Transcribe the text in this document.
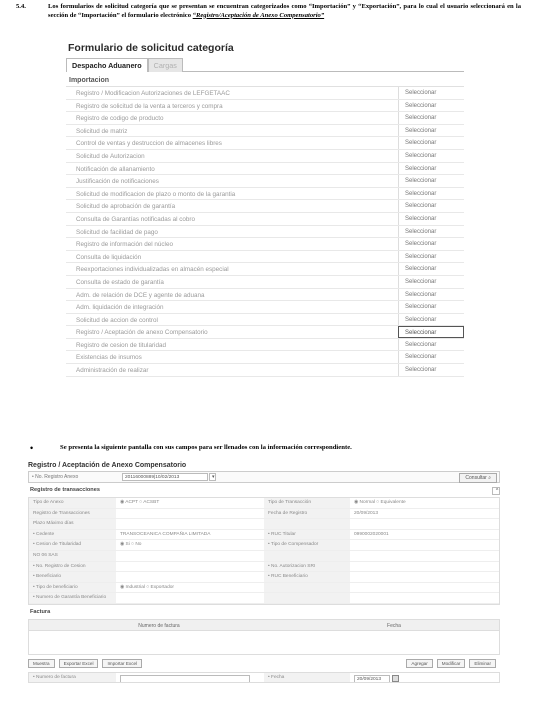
5.4.	Los formularios de solicitud categoría que se presentan se encuentran categorizados como “Importación” y “Exportación”, para lo cual el usuario seleccionará en la sección de “Importación” el formulario electrónico “Registro/Aceptación de Anexo Compensatorio”
Formulario de solicitud categoría
Despacho Aduanero	Cargas
Importacion
Registro / Modificacion Autorizaciones de LEFGETAAC	Seleccionar
Registro de solicitud de la venta a terceros y compra	Seleccionar
Registro de codigo de producto	Seleccionar
Solicitud de matriz	Seleccionar
Control de ventas y destruccion de almacenes libres	Seleccionar
Solicitud de Autorizacion	Seleccionar
Notificación de allanamiento	Seleccionar
Justificación de notificaciones	Seleccionar
Solicitud de modificacion de plazo o monto de la garantia	Seleccionar
Solicitud de aprobación de garantía	Seleccionar
Consulta de Garantías notificadas al cobro	Seleccionar
Solicitud de facilidad de pago	Seleccionar
Registro de información del núcleo	Seleccionar
Consulta de liquidación	Seleccionar
Reexportaciones individualizadas en almacén especial	Seleccionar
Consulta de estado de garantía	Seleccionar
Adm. de relación de DCE y agente de aduana	Seleccionar
Adm. liquidación de integración	Seleccionar
Solicitud de accion de control	Seleccionar
Registro / Aceptación de anexo Compensatorio	Seleccionar
Registro de cesion de titularidad	Seleccionar
Existencias de insumos	Seleccionar
Administración de realizar	Seleccionar
•	Se presenta la siguiente pantalla con sus campos para ser llenados con la información correspondiente.
Registro / Aceptación de Anexo Compensatorio
• No. Registro Anexo	20116000889|10/02/2013	▾	Consultar ⌕
Registro de transacciones	⌃
Tipo de Anexo	◉ ACPT ○ ACSBT	Tipo de Transacción	◉ Normal ○ Equivalente
Registro de Transacciones	Fecha de Registro	20/09/2013
Plazo Máximo días
• Cedente	TRANSOCEANICA COMPAÑIA LIMITADA	• RUC Titular	0990002020001
• Cesion de Titularidad	◉ Si ○ No	• Tipo de Compensador
NO 06 SAS
• No. Registro de Cesion	• No. Autorizacion SRI
• Beneficiario	• RUC Beneficiario
• Tipo de beneficiario	◉ Industrial ○ Exportador
• Numero de Garantía Beneficiario
Factura
Numero de factura	Fecha
Muestra	Exportar Excel	Importar Excel	Agregar	Modificar	Eliminar
• Numero de factura	• Fecha	20/09/2013
